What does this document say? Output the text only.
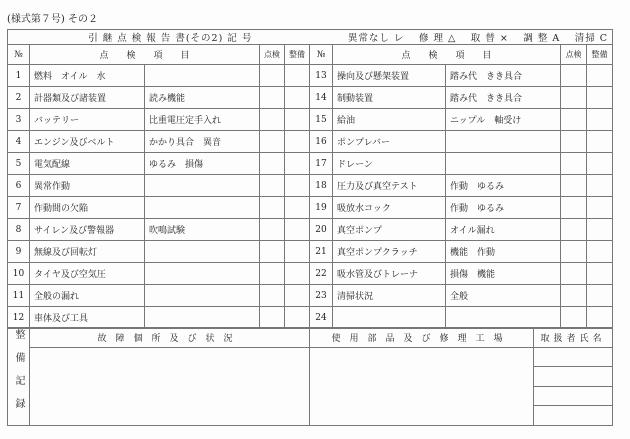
(様式第７号) その２
引 継 点 検 報 告 書(その2) 記 号						異常なし レ　 修 理 △　 取 替 ×　 調 整 A　 清掃 C			
№	点　　検　　項　　目		点検	整備	№	点　　検　　項　　目		点検	整備
1	燃料　オイル　水				13	操向及び懸架装置	踏み代　きき具合		
2	計器類及び諸装置	読み機能			14	制動装置	踏み代　きき具合		
3	バッテリー	比重電圧定手入れ			15	給油	ニップル　軸受け		
4	エンジン及びベルト	かかり具合　異音			16	ポンプレバー			
5	電気配線	ゆるみ　損傷			17	ドレーン			
6	異常作動				18	圧力及び真空テスト	作動　ゆるみ		
7	作動間の欠陥				19	吸放水コック	作動　ゆるみ		
8	サイレン及び警報器	吹鳴試験			20	真空ポンプ	オイル漏れ		
9	無線及び回転灯				21	真空ポンプクラッチ	機能　作動		
10	タイヤ及び空気圧				22	吸水管及びトレーナ	損傷　機能		
11	全般の漏れ				23	清掃状況	全般		
12	車体及び工具				24				
整備記録	故障個所及び状況	使用部品及び修理工場	取扱者氏名
